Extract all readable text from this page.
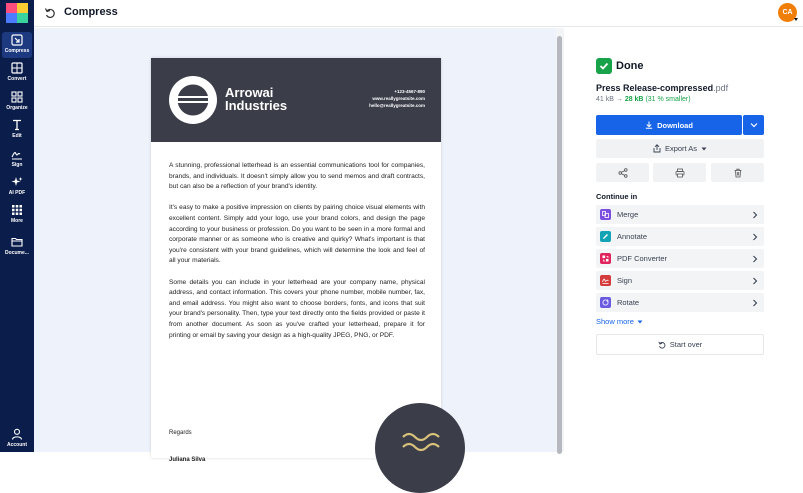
Compress
Convert
Organize
Edit
Sign
AI PDF
More
Docume...
Account
Compress	CA
Arrowai
Industries
+123-4567-890
www.reallygreatsite.com
hello@reallygreatsite.com

A stunning, professional letterhead is an essential communications tool for companies, brands, and individuals. It doesn't simply allow you to send memos and draft contracts, but can also be a reflection of your brand's identity.

It's easy to make a positive impression on clients by pairing choice visual elements with excellent content. Simply add your logo, use your brand colors, and design the page according to your business or profession. Do you want to be seen in a more formal and corporate manner or as someone who is creative and quirky? What's important is that you're consistent with your brand guidelines, which will determine the look and feel of all your materials.

Some details you can include in your letterhead are your company name, physical address, and contact information. This covers your phone number, mobile number, fax, and email address. You might also want to choose borders, fonts, and icons that suit your brand's personality. Then, type your text directly onto the fields provided or paste it from another document. As soon as you've crafted your letterhead, prepare it for printing or email by saving your design as a high-quality JPEG, PNG, or PDF.

Regards
Juliana Silva
Done
Press Release-compressed.pdf
41 kB → 28 kB (31 % smaller)
Download
Export As
Continue in
Merge
Annotate
PDF Converter
Sign
Rotate
Show more
Start over
